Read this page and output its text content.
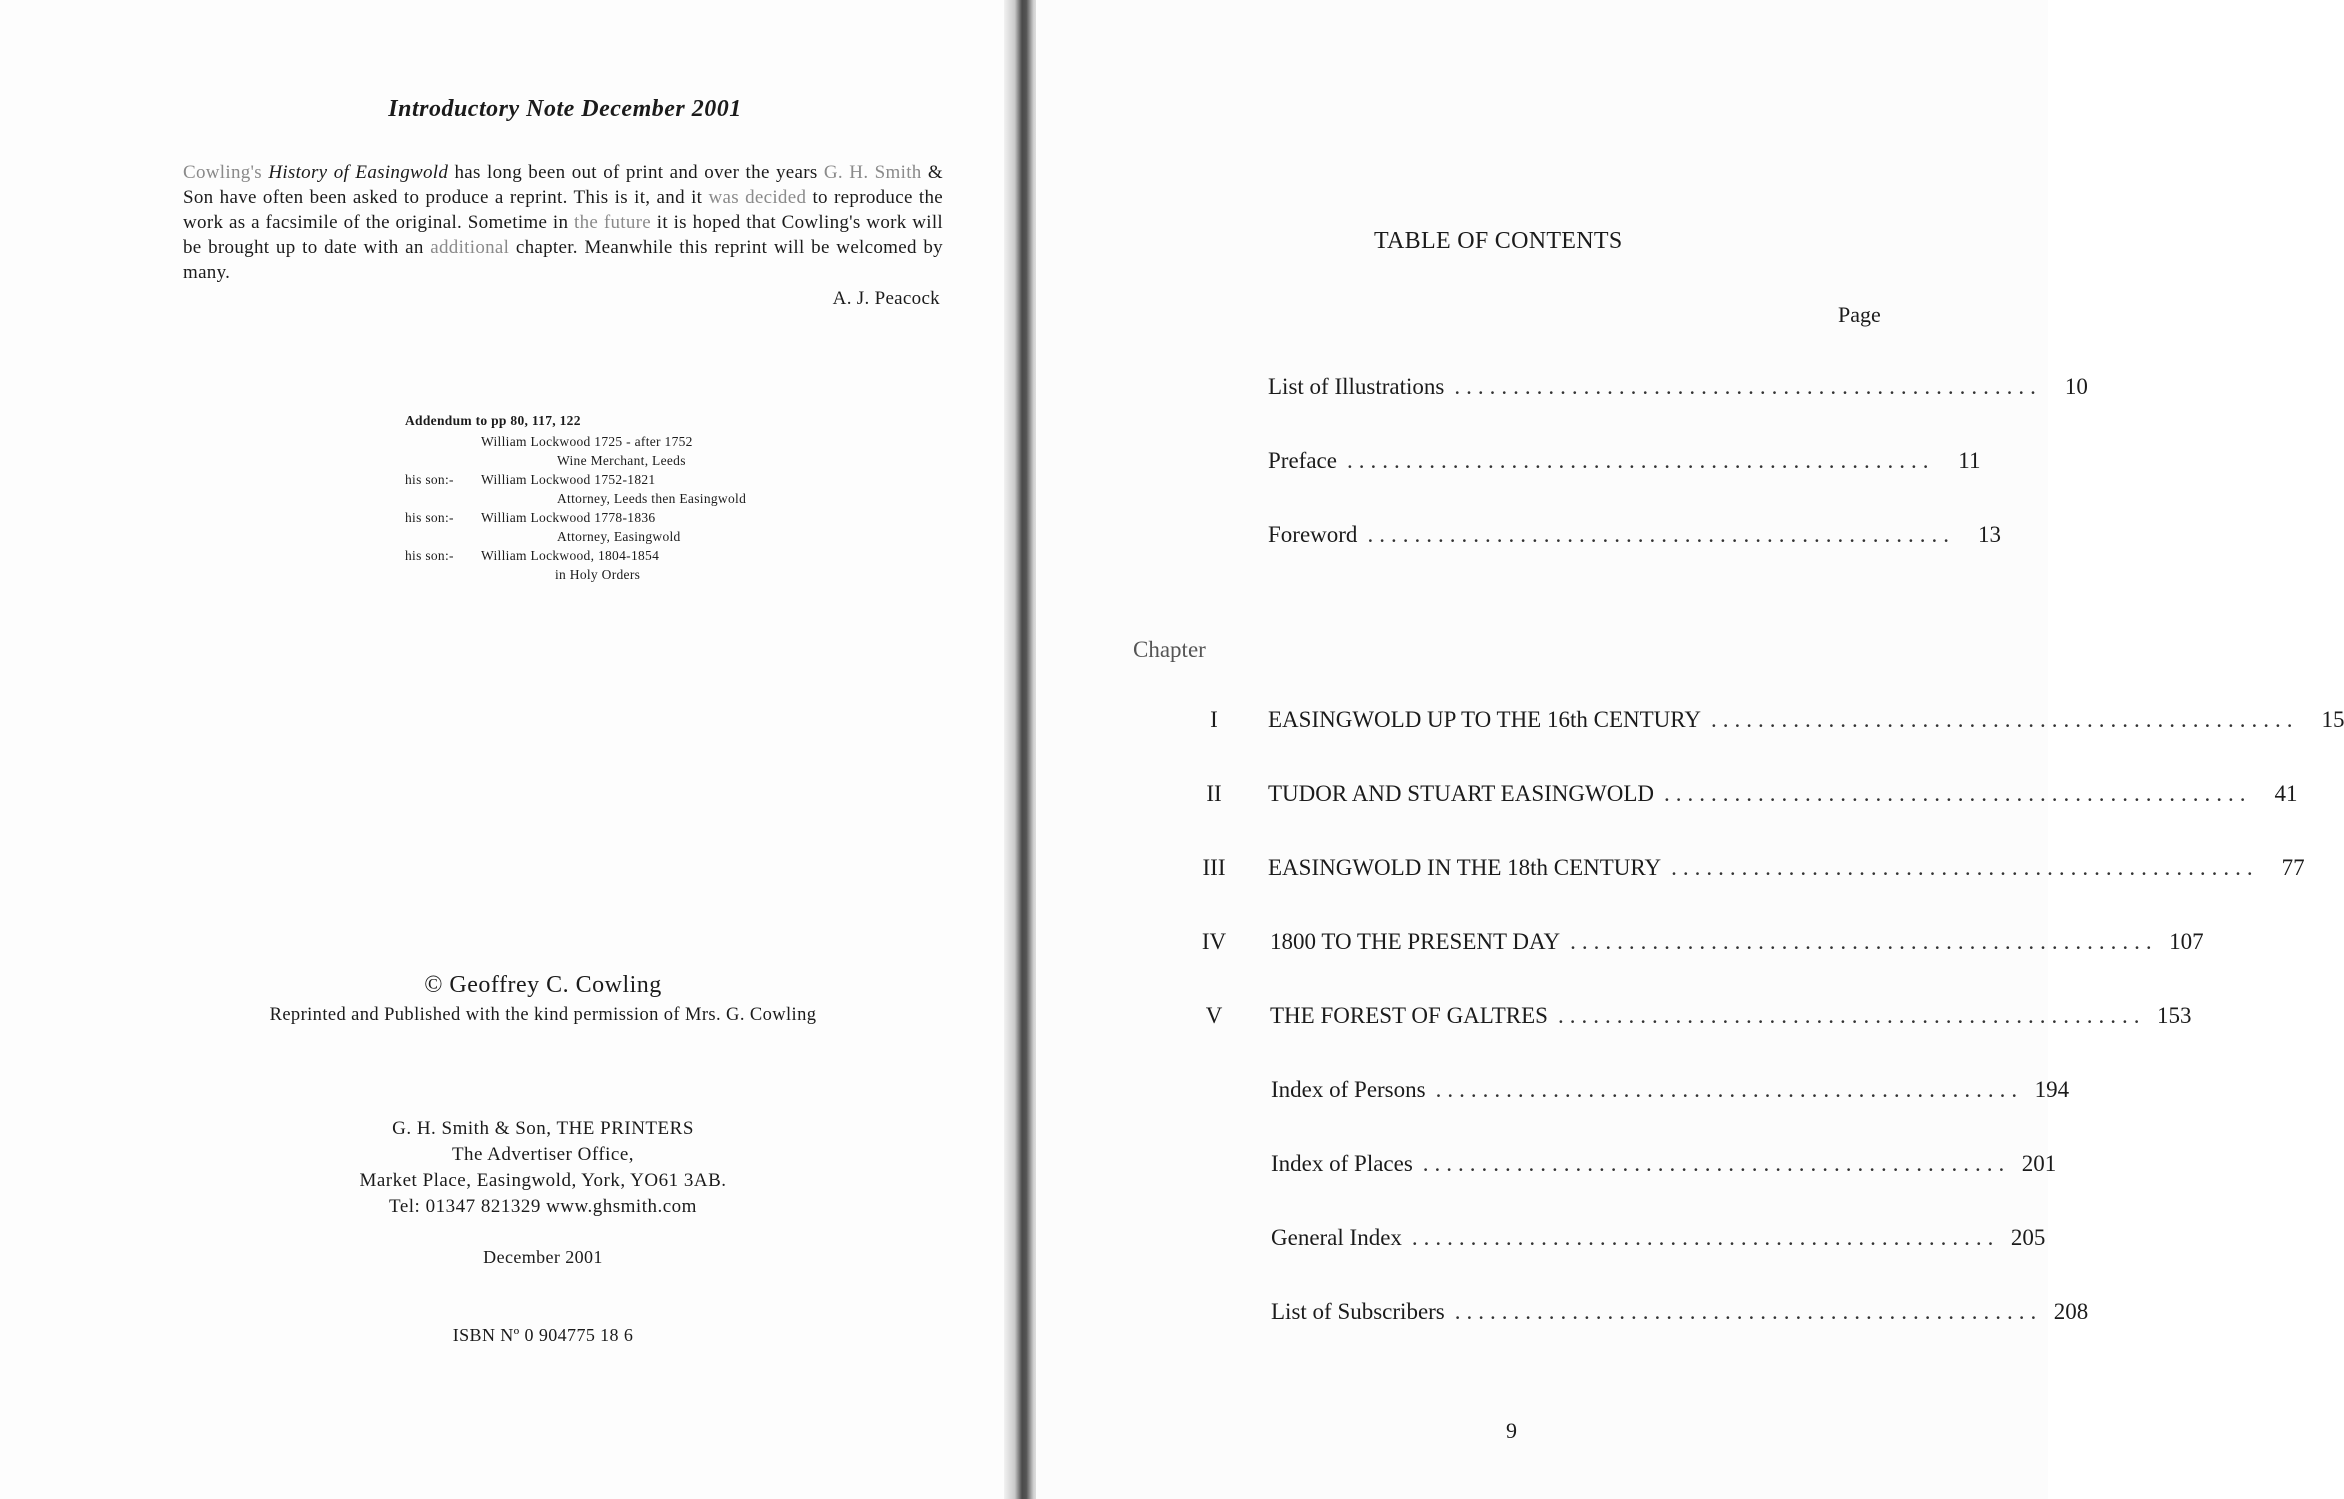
Introductory Note December 2001
Cowling's History of Easingwold has long been out of print and over the years G. H. Smith & Son have often been asked to produce a reprint. This is it, and it was decided to reproduce the work as a facsimile of the original. Sometime in the future it is hoped that Cowling's work will be brought up to date with an additional chapter. Meanwhile this reprint will be welcomed by many.
A. J. Peacock
Addendum to pp 80, 117, 122
William Lockwood 1725 - after 1752
Wine Merchant, Leeds
his son:-	William Lockwood 1752-1821
Attorney, Leeds then Easingwold
his son:-	William Lockwood 1778-1836
Attorney, Easingwold
his son:-	William Lockwood, 1804-1854
in Holy Orders
© Geoffrey C. Cowling
Reprinted and Published with the kind permission of Mrs. G. Cowling
G. H. Smith & Son, THE PRINTERS
The Advertiser Office,
Market Place, Easingwold, York, YO61 3AB.
Tel: 01347 821329 www.ghsmith.com
December 2001
ISBN Nº 0 904775 18 6
TABLE OF CONTENTS
Page
List of Illustrations ..................................................	10
Preface ..................................................	11
Foreword ..................................................	13
Chapter
I	EASINGWOLD UP TO THE 16th CENTURY ..................................................	15
II	TUDOR AND STUART EASINGWOLD ..................................................	41
III	EASINGWOLD IN THE 18th CENTURY ..................................................	77
IV	1800 TO THE PRESENT DAY .................................................. 107
V	THE FOREST OF GALTRES .................................................. 153
Index of Persons .................................................. 194
Index of Places .................................................. 201
General Index .................................................. 205
List of Subscribers .................................................. 208
9
